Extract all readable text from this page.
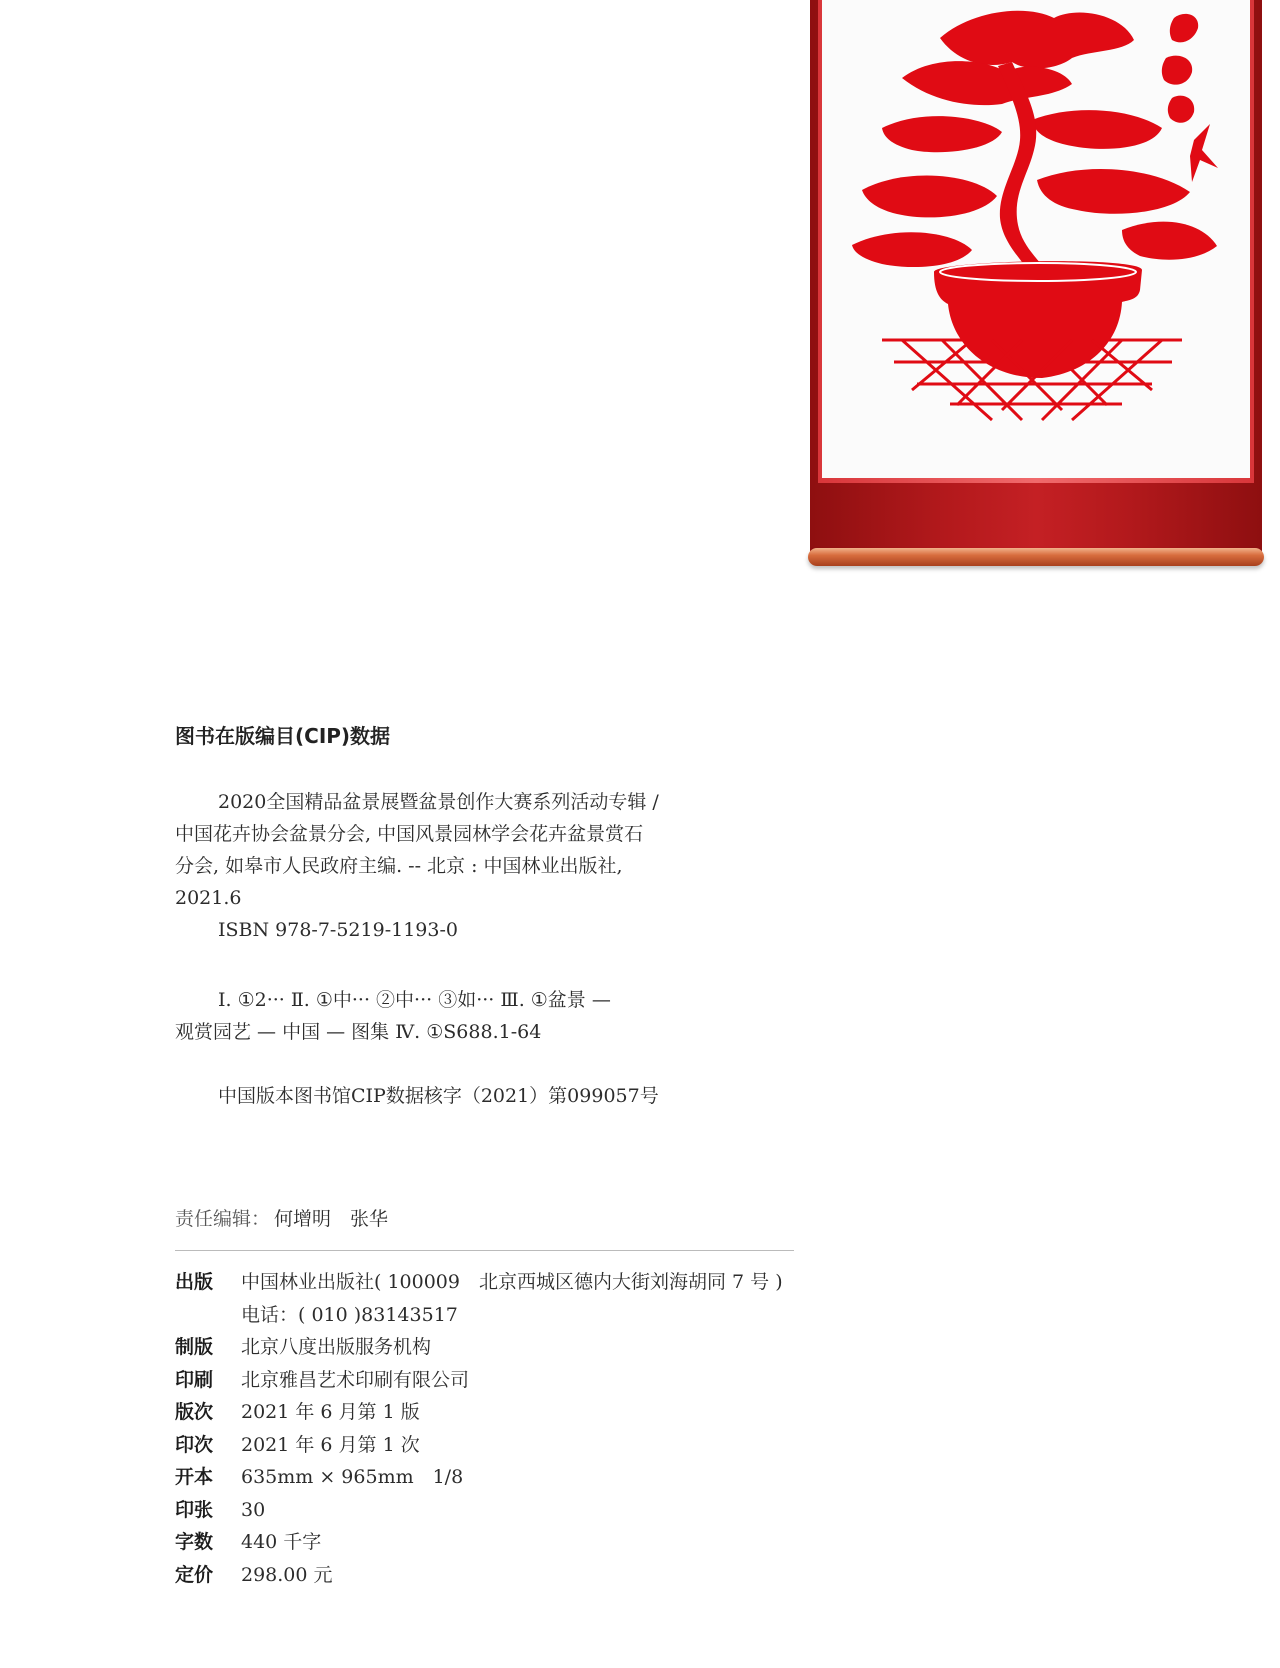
图书在版编目(CIP)数据

2020全国精品盆景展暨盆景创作大赛系列活动专辑 /

中国花卉协会盆景分会, 中国风景园林学会花卉盆景赏石

分会, 如皋市人民政府主编. -- 北京 : 中国林业出版社,

2021.6

ISBN 978-7-5219-1193-0

Ⅰ. ①2··· Ⅱ. ①中··· ②中··· ③如··· Ⅲ. ①盆景 —

观赏园艺 — 中国 — 图集 Ⅳ. ①S688.1-64

中国版本图书馆CIP数据核字（2021）第099057号

责任编辑： 何增明　张华

出版	中国林业出版社( 100009　北京西城区德内大街刘海胡同 7 号 )
电话：( 010 )83143517
制版	北京八度出版服务机构
印刷	北京雅昌艺术印刷有限公司
版次	2021 年 6 月第 1 版
印次	2021 年 6 月第 1 次
开本	635mm × 965mm　1/8
印张	30
字数	440 千字
定价	298.00 元
